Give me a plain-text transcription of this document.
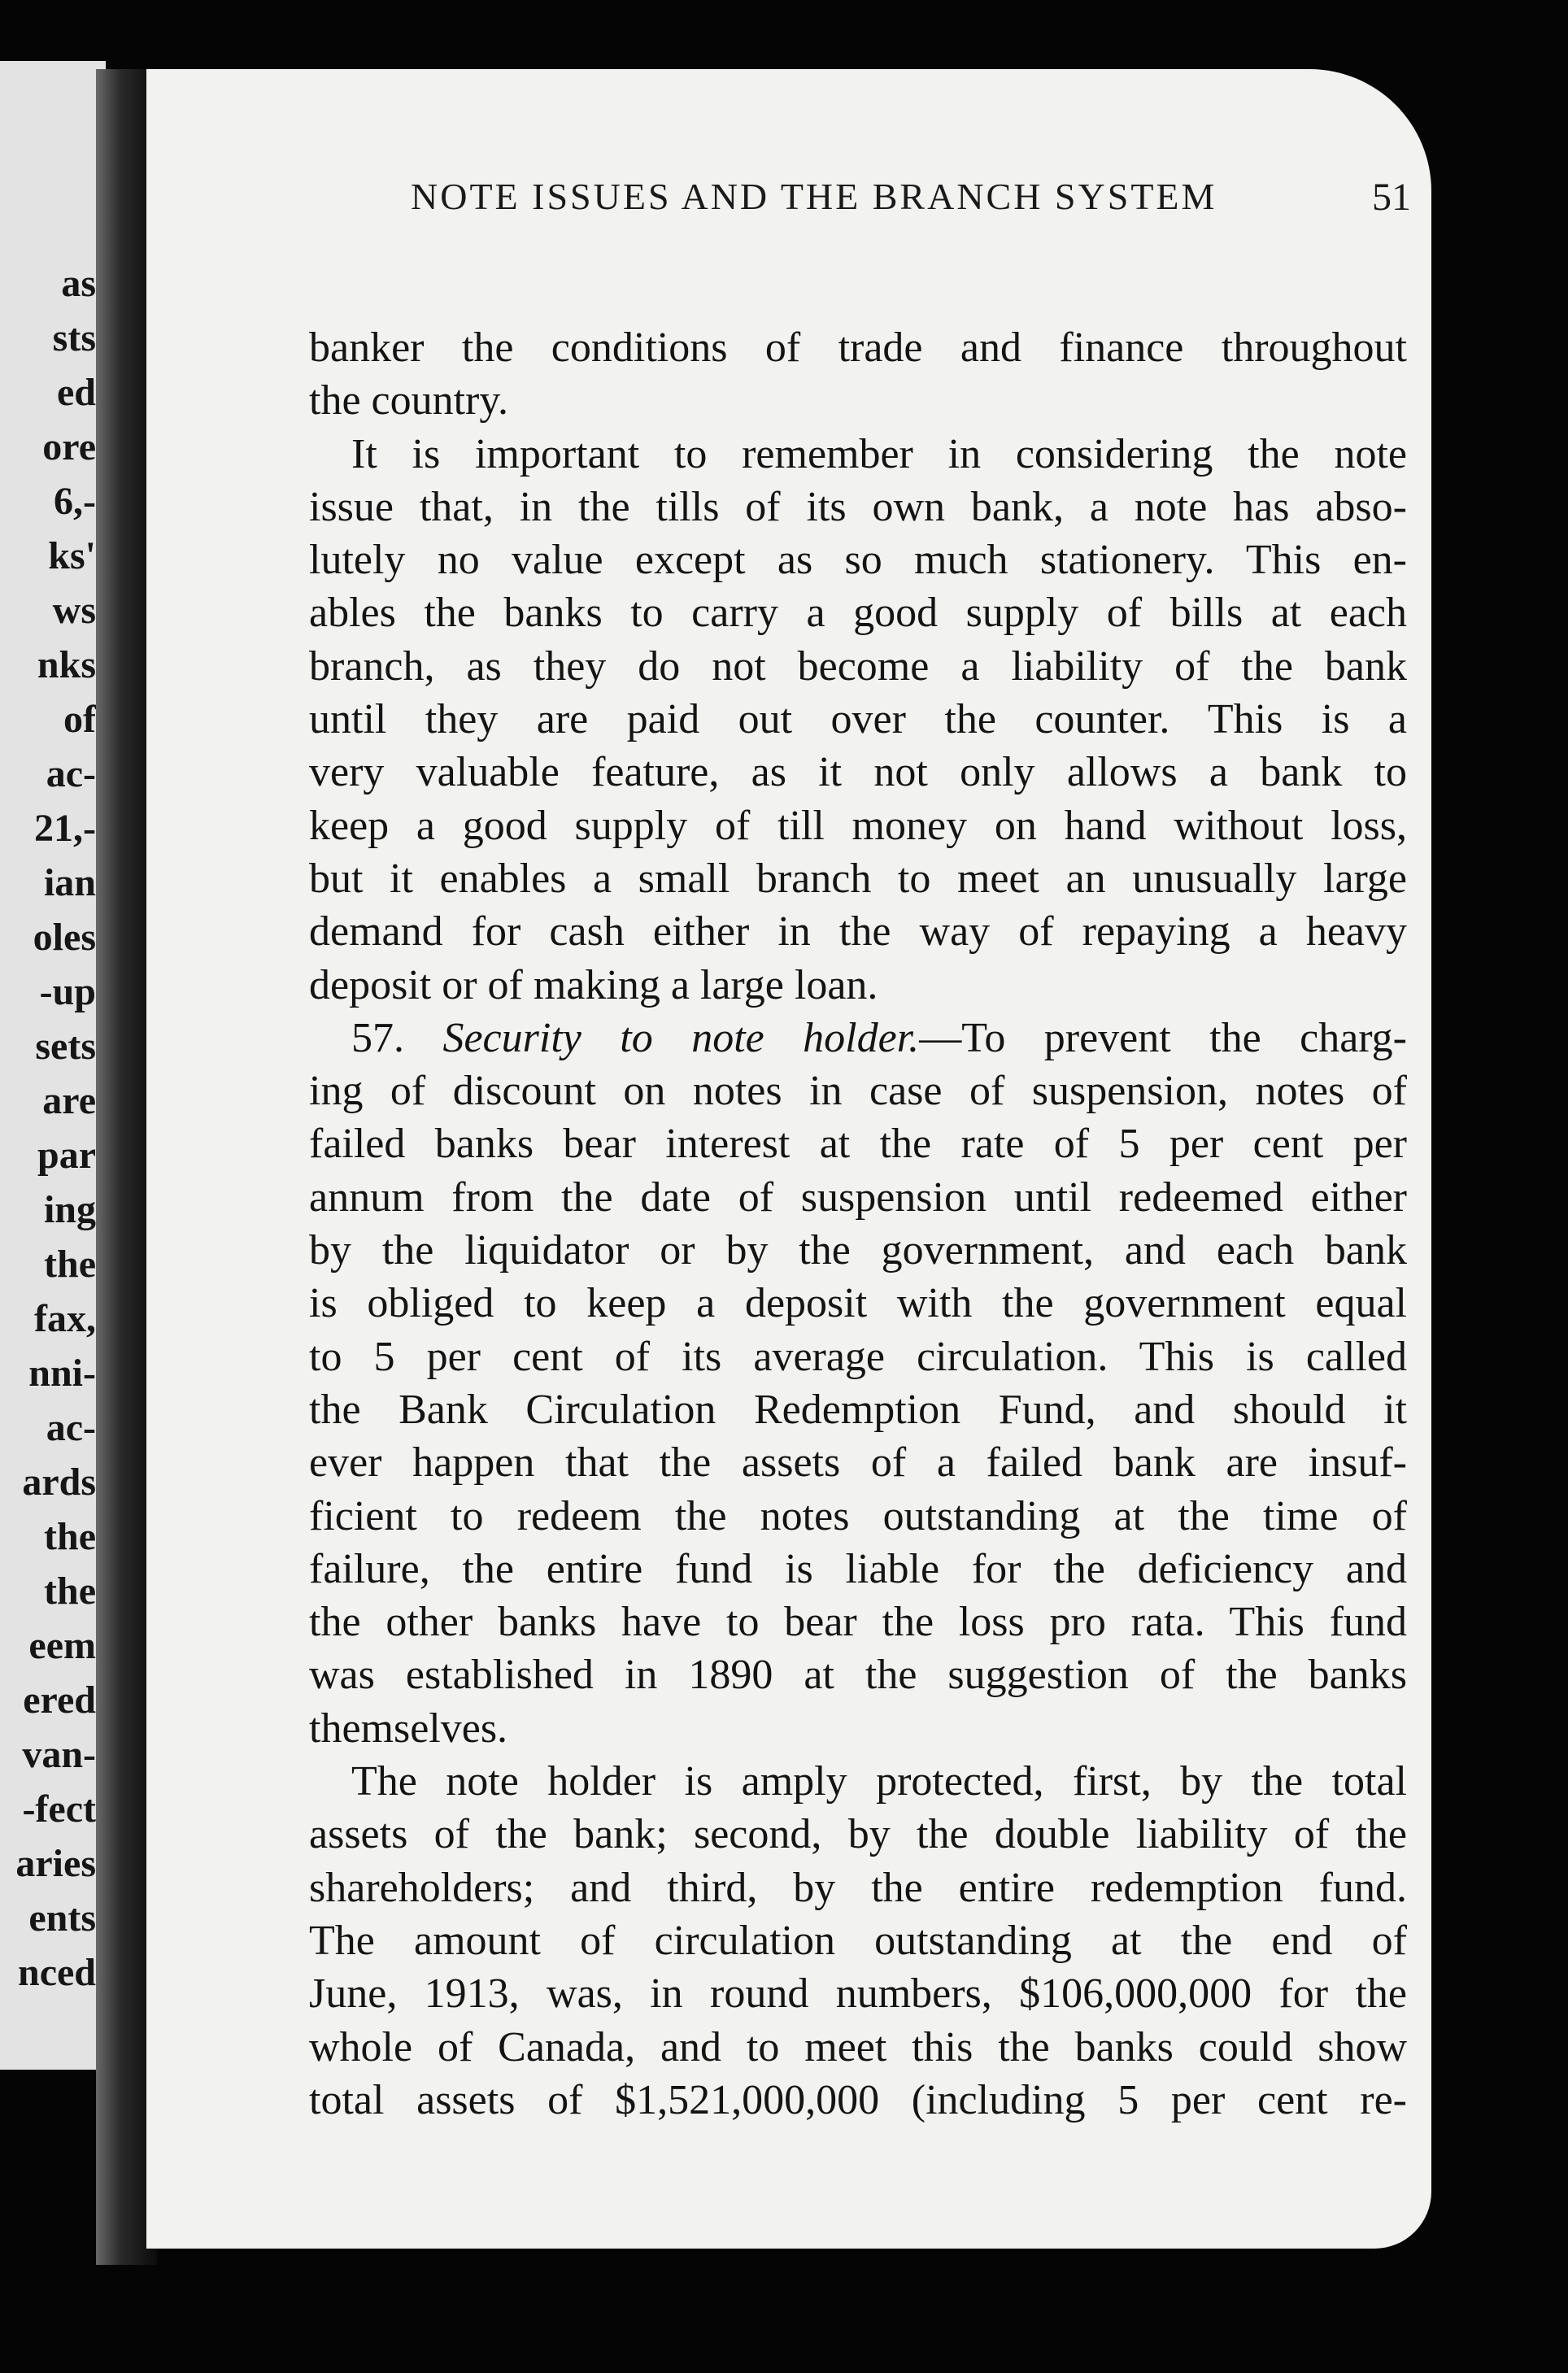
as
sts
ed
ore
6,-
ks'
ws
nks
of
ac-
21,-
ian
oles
-up
sets
are
par
ing
the
fax,
nni-
ac-
ards
the
the
eem
ered
van-
-fect
aries
ents
nced
NOTE ISSUES AND THE BRANCH SYSTEM	51
banker the conditions of trade and finance throughout
the country.
It is important to remember in considering the note
issue that, in the tills of its own bank, a note has abso-
lutely no value except as so much stationery. This en-
ables the banks to carry a good supply of bills at each
branch, as they do not become a liability of the bank
until they are paid out over the counter. This is a
very valuable feature, as it not only allows a bank to
keep a good supply of till money on hand without loss,
but it enables a small branch to meet an unusually large
demand for cash either in the way of repaying a heavy
deposit or of making a large loan.
57. Security to note holder.—To prevent the charg-
ing of discount on notes in case of suspension, notes of
failed banks bear interest at the rate of 5 per cent per
annum from the date of suspension until redeemed either
by the liquidator or by the government, and each bank
is obliged to keep a deposit with the government equal
to 5 per cent of its average circulation. This is called
the Bank Circulation Redemption Fund, and should it
ever happen that the assets of a failed bank are insuf-
ficient to redeem the notes outstanding at the time of
failure, the entire fund is liable for the deficiency and
the other banks have to bear the loss pro rata. This fund
was established in 1890 at the suggestion of the banks
themselves.
The note holder is amply protected, first, by the total
assets of the bank; second, by the double liability of the
shareholders; and third, by the entire redemption fund.
The amount of circulation outstanding at the end of
June, 1913, was, in round numbers, $106,000,000 for the
whole of Canada, and to meet this the banks could show
total assets of $1,521,000,000 (including 5 per cent re-
